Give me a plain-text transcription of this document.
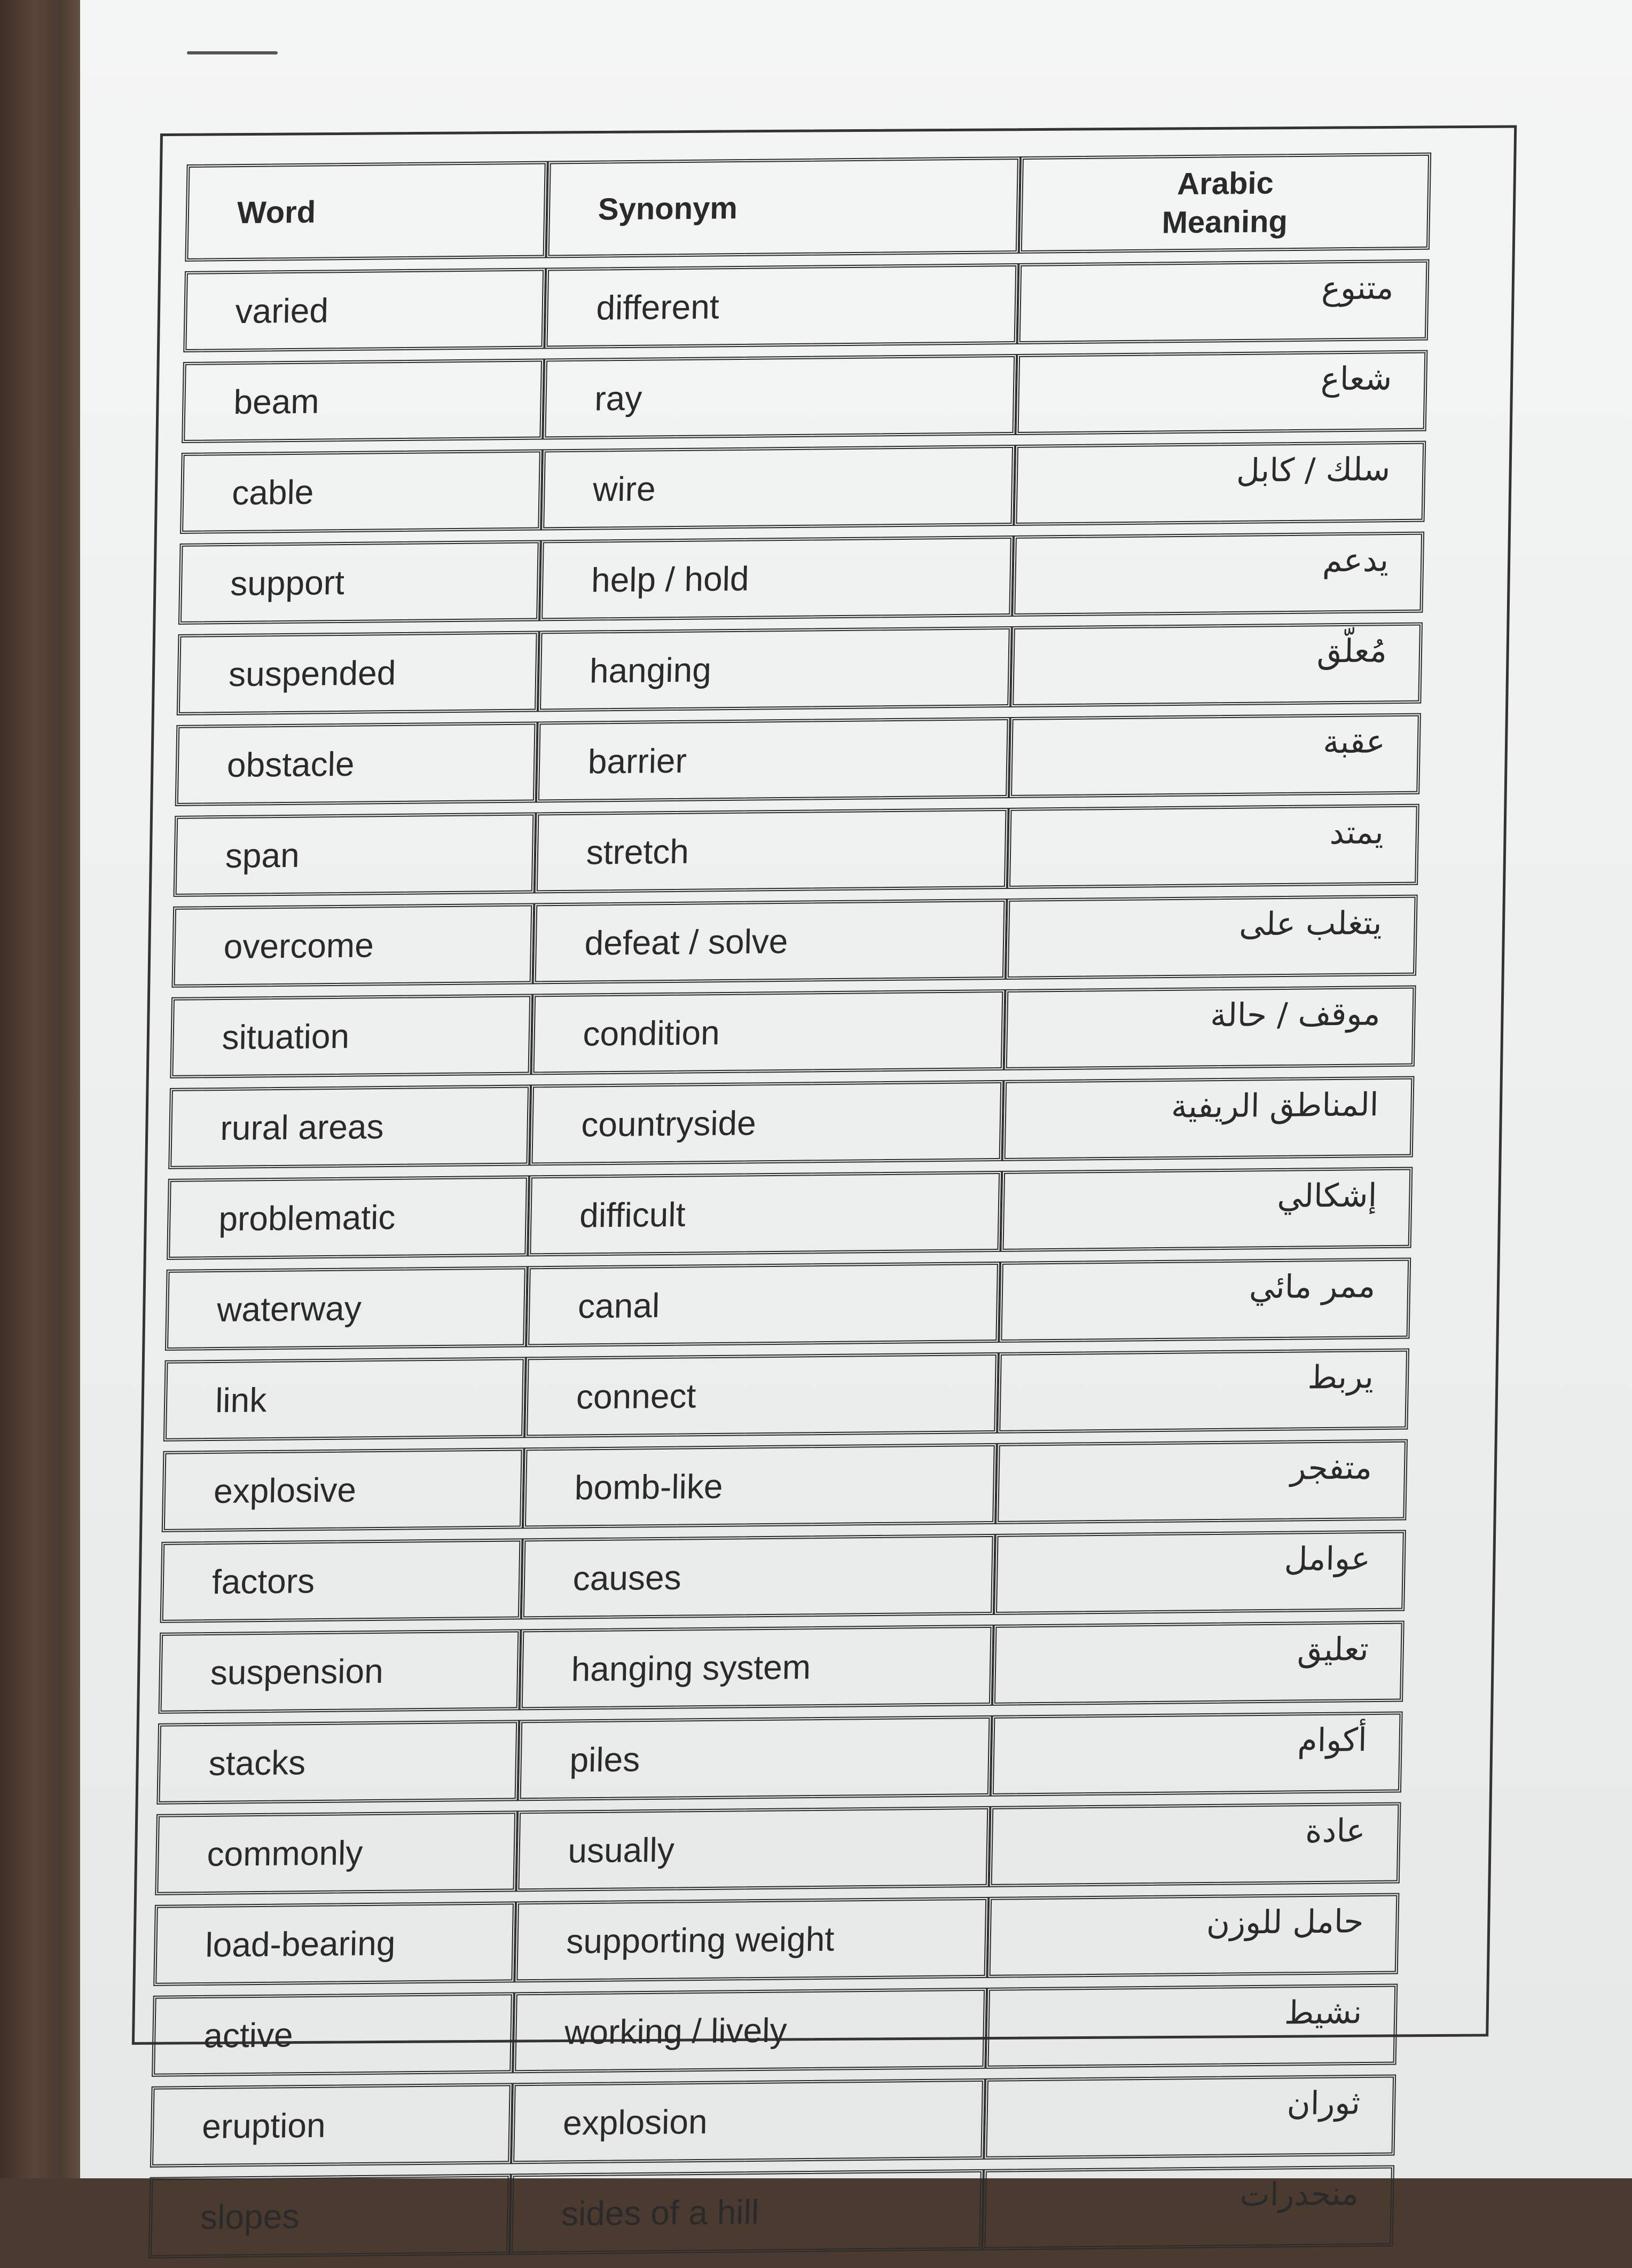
Word	Synonym	Arabic
Meaning

varied	different	متنوع
beam	ray	شعاع
cable	wire	سلك / كابل
support	help / hold	يدعم
suspended	hanging	مُعلّق
obstacle	barrier	عقبة
span	stretch	يمتد
overcome	defeat / solve	يتغلب على
situation	condition	موقف / حالة
rural areas	countryside	المناطق الريفية
problematic	difficult	إشكالي
waterway	canal	ممر مائي
link	connect	يربط
explosive	bomb-like	متفجر
factors	causes	عوامل
suspension	hanging system	تعليق
stacks	piles	أكوام
commonly	usually	عادة
load-bearing	supporting weight	حامل للوزن
active	working / lively	نشيط
eruption	explosion	ثوران
slopes	sides of a hill	منحدرات
